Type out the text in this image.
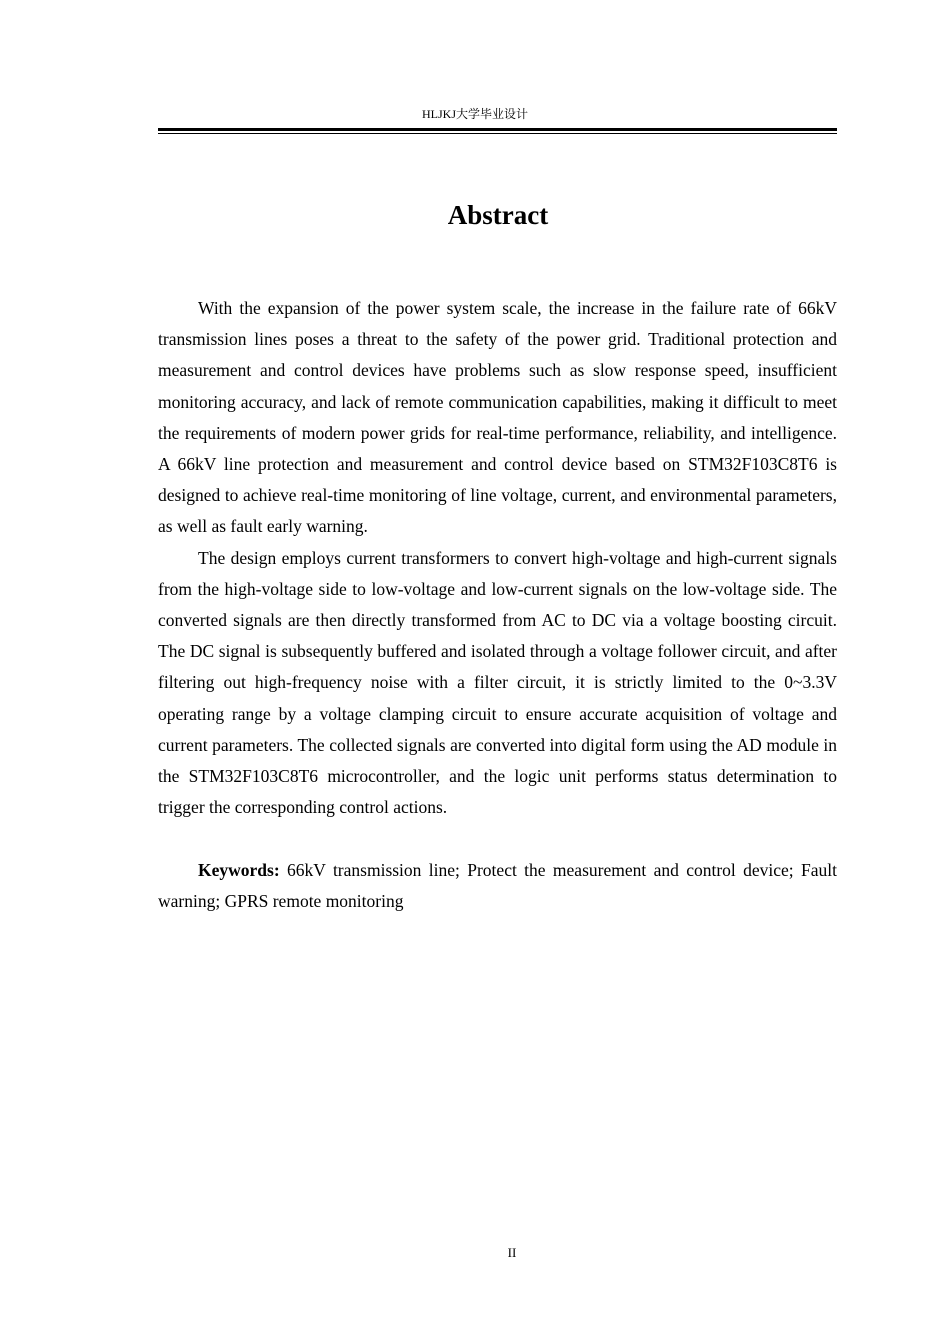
HLJKJ大学毕业设计
Abstract

With the expansion of the power system scale, the increase in the failure rate of 66kV transmission lines poses a threat to the safety of the power grid. Traditional protection and measurement and control devices have problems such as slow response speed, insufficient monitoring accuracy, and lack of remote communication capabilities, making it difficult to meet the requirements of modern power grids for real-time performance, reliability, and intelligence. A 66kV line protection and measurement and control device based on STM32F103C8T6 is designed to achieve real-time monitoring of line voltage, current, and environmental parameters, as well as fault early warning.

The design employs current transformers to convert high-voltage and high-current signals from the high-voltage side to low-voltage and low-current signals on the low-voltage side. The converted signals are then directly transformed from AC to DC via a voltage boosting circuit. The DC signal is subsequently buffered and isolated through a voltage follower circuit, and after filtering out high-frequency noise with a filter circuit, it is strictly limited to the 0~3.3V operating range by a voltage clamping circuit to ensure accurate acquisition of voltage and current parameters. The collected signals are converted into digital form using the AD module in the STM32F103C8T6 microcontroller, and the logic unit performs status determination to trigger the corresponding control actions.

Keywords: 66kV transmission line; Protect the measurement and control device; Fault warning; GPRS remote monitoring

II
